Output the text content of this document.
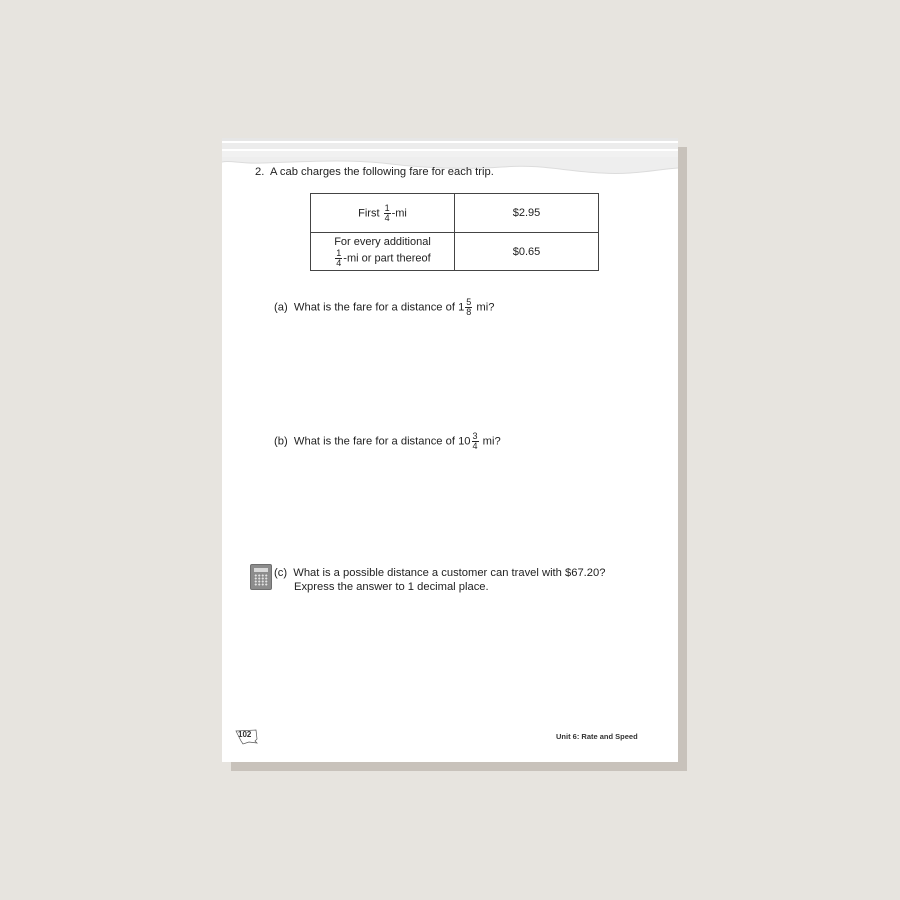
2. A cab charges the following fare for each trip.
First $\frac{1}{4} -mi$	$2.95

For every additional
$\frac{1}{4} -mi$ or part thereof	$0.65
(a) What is the fare for a distance of $1 \frac{5}{8}$ mi?
(b) What is the fare for a distance of $10 \frac{3}{4}$ mi?
(c) What is a possible distance a customer can travel with $67.20?
Express the answer to 1 decimal place.
102	Unit 6: Rate and Speed
